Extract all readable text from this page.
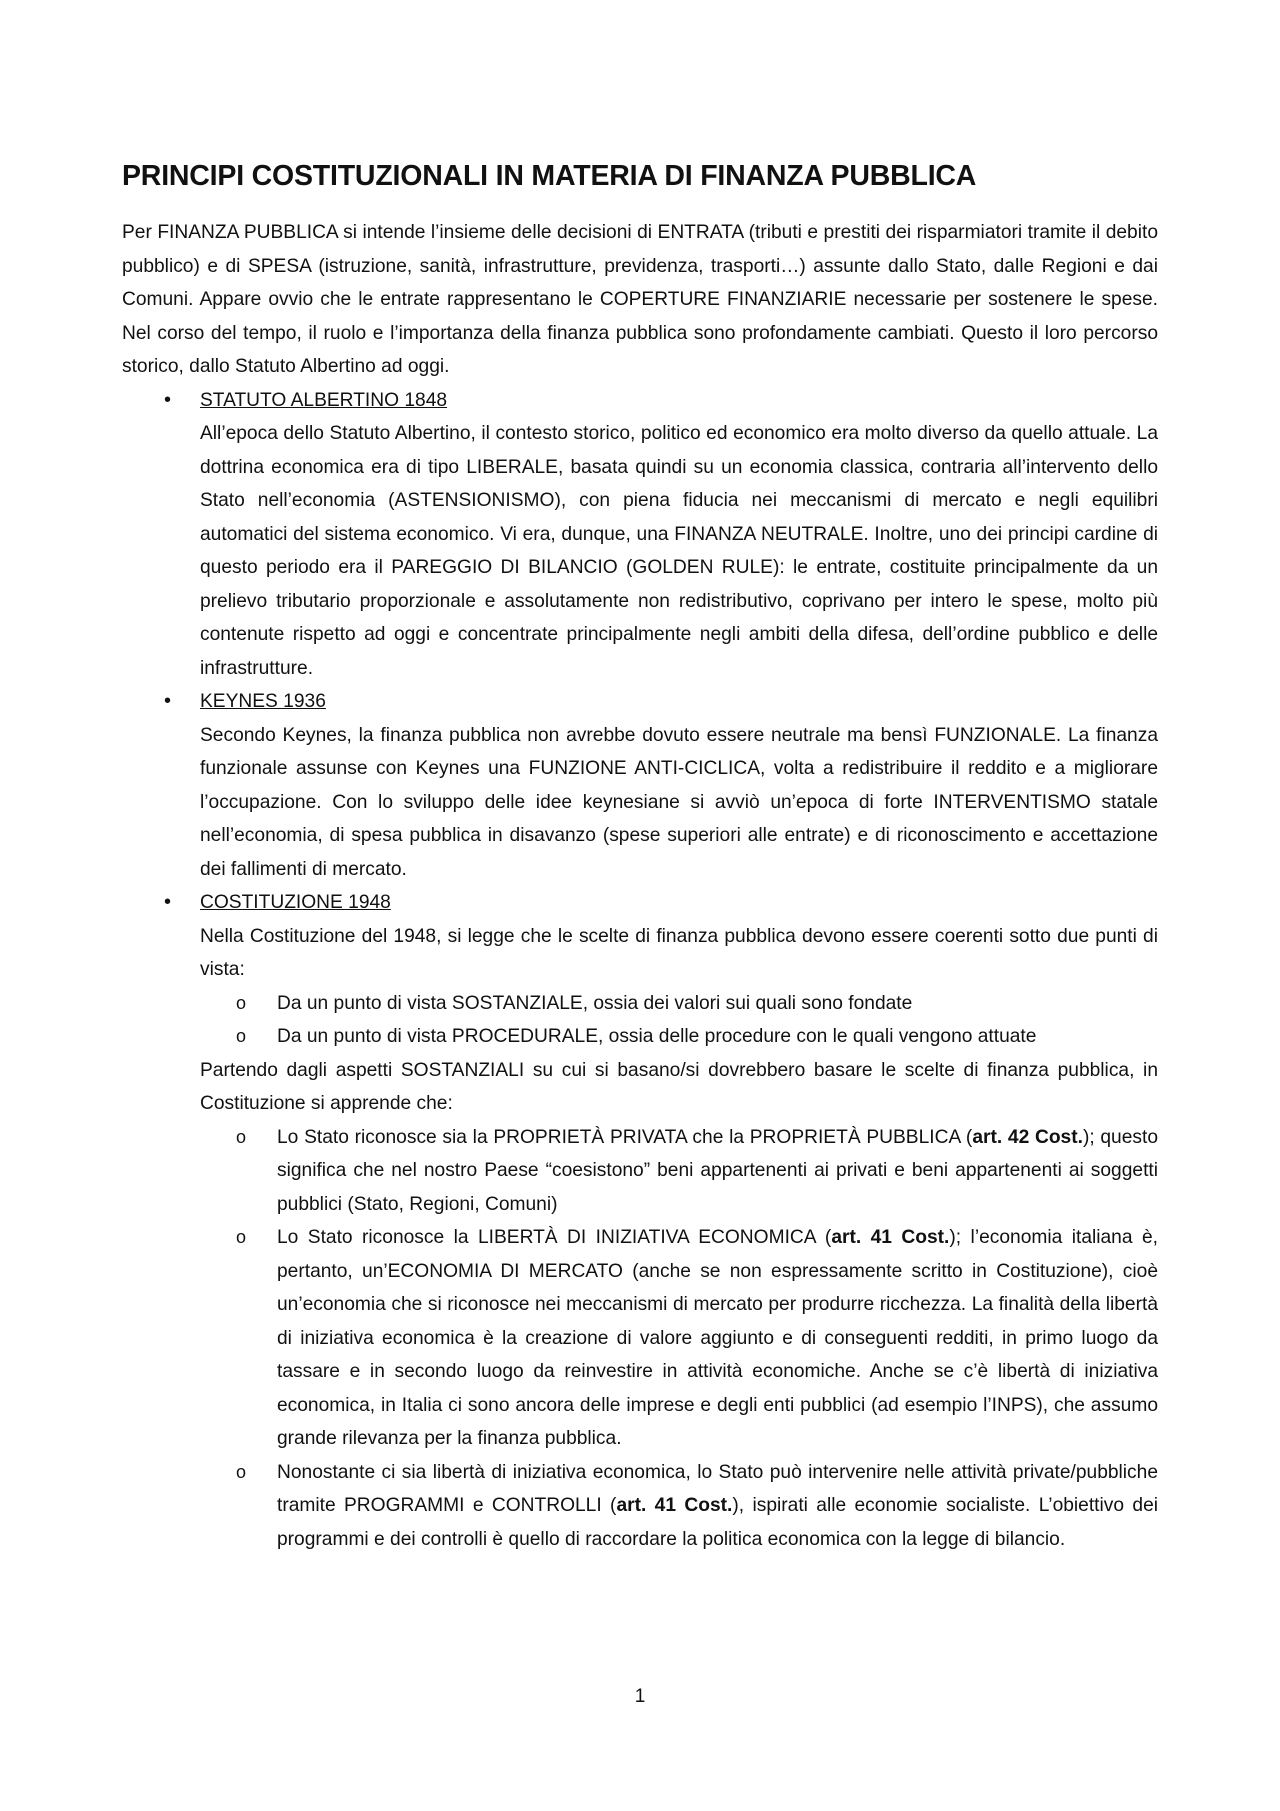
PRINCIPI COSTITUZIONALI IN MATERIA DI FINANZA PUBBLICA

Per FINANZA PUBBLICA si intende l’insieme delle decisioni di ENTRATA (tributi e prestiti dei risparmiatori tramite il debito pubblico) e di SPESA (istruzione, sanità, infrastrutture, previdenza, trasporti…) assunte dallo Stato, dalle Regioni e dai Comuni. Appare ovvio che le entrate rappresentano le COPERTURE FINANZIARIE necessarie per sostenere le spese. Nel corso del tempo, il ruolo e l’importanza della finanza pubblica sono profondamente cambiati. Questo il loro percorso storico, dallo Statuto Albertino ad oggi.

•	STATUTO ALBERTINO 1848

All’epoca dello Statuto Albertino, il contesto storico, politico ed economico era molto diverso da quello attuale. La dottrina economica era di tipo LIBERALE, basata quindi su un economia classica, contraria all’intervento dello Stato nell’economia (ASTENSIONISMO), con piena fiducia nei meccanismi di mercato e negli equilibri automatici del sistema economico. Vi era, dunque, una FINANZA NEUTRALE. Inoltre, uno dei principi cardine di questo periodo era il PAREGGIO DI BILANCIO (GOLDEN RULE): le entrate, costituite principalmente da un prelievo tributario proporzionale e assolutamente non redistributivo, coprivano per intero le spese, molto più contenute rispetto ad oggi e concentrate principalmente negli ambiti della difesa, dell’ordine pubblico e delle infrastrutture.

•	KEYNES 1936

Secondo Keynes, la finanza pubblica non avrebbe dovuto essere neutrale ma bensì FUNZIONALE. La finanza funzionale assunse con Keynes una FUNZIONE ANTI-CICLICA, volta a redistribuire il reddito e a migliorare l’occupazione. Con lo sviluppo delle idee keynesiane si avviò un’epoca di forte INTERVENTISMO statale nell’economia, di spesa pubblica in disavanzo (spese superiori alle entrate) e di riconoscimento e accettazione dei fallimenti di mercato.

•	COSTITUZIONE 1948

Nella Costituzione del 1948, si legge che le scelte di finanza pubblica devono essere coerenti sotto due punti di vista:

o Da un punto di vista SOSTANZIALE, ossia dei valori sui quali sono fondate

o Da un punto di vista PROCEDURALE, ossia delle procedure con le quali vengono attuate

Partendo dagli aspetti SOSTANZIALI su cui si basano/si dovrebbero basare le scelte di finanza pubblica, in Costituzione si apprende che:

o Lo Stato riconosce sia la PROPRIETÀ PRIVATA che la PROPRIETÀ PUBBLICA (art. 42 Cost.); questo significa che nel nostro Paese “coesistono” beni appartenenti ai privati e beni appartenenti ai soggetti pubblici (Stato, Regioni, Comuni)

o Lo Stato riconosce la LIBERTÀ DI INIZIATIVA ECONOMICA (art. 41 Cost.); l’economia italiana è, pertanto, un’ECONOMIA DI MERCATO (anche se non espressamente scritto in Costituzione), cioè un’economia che si riconosce nei meccanismi di mercato per produrre ricchezza. La finalità della libertà di iniziativa economica è la creazione di valore aggiunto e di conseguenti redditi, in primo luogo da tassare e in secondo luogo da reinvestire in attività economiche. Anche se c’è libertà di iniziativa economica, in Italia ci sono ancora delle imprese e degli enti pubblici (ad esempio l’INPS), che assumo grande rilevanza per la finanza pubblica.

o Nonostante ci sia libertà di iniziativa economica, lo Stato può intervenire nelle attività private/pubbliche tramite PROGRAMMI e CONTROLLI (art. 41 Cost.), ispirati alle economie socialiste. L’obiettivo dei programmi e dei controlli è quello di raccordare la politica economica con la legge di bilancio.

1
